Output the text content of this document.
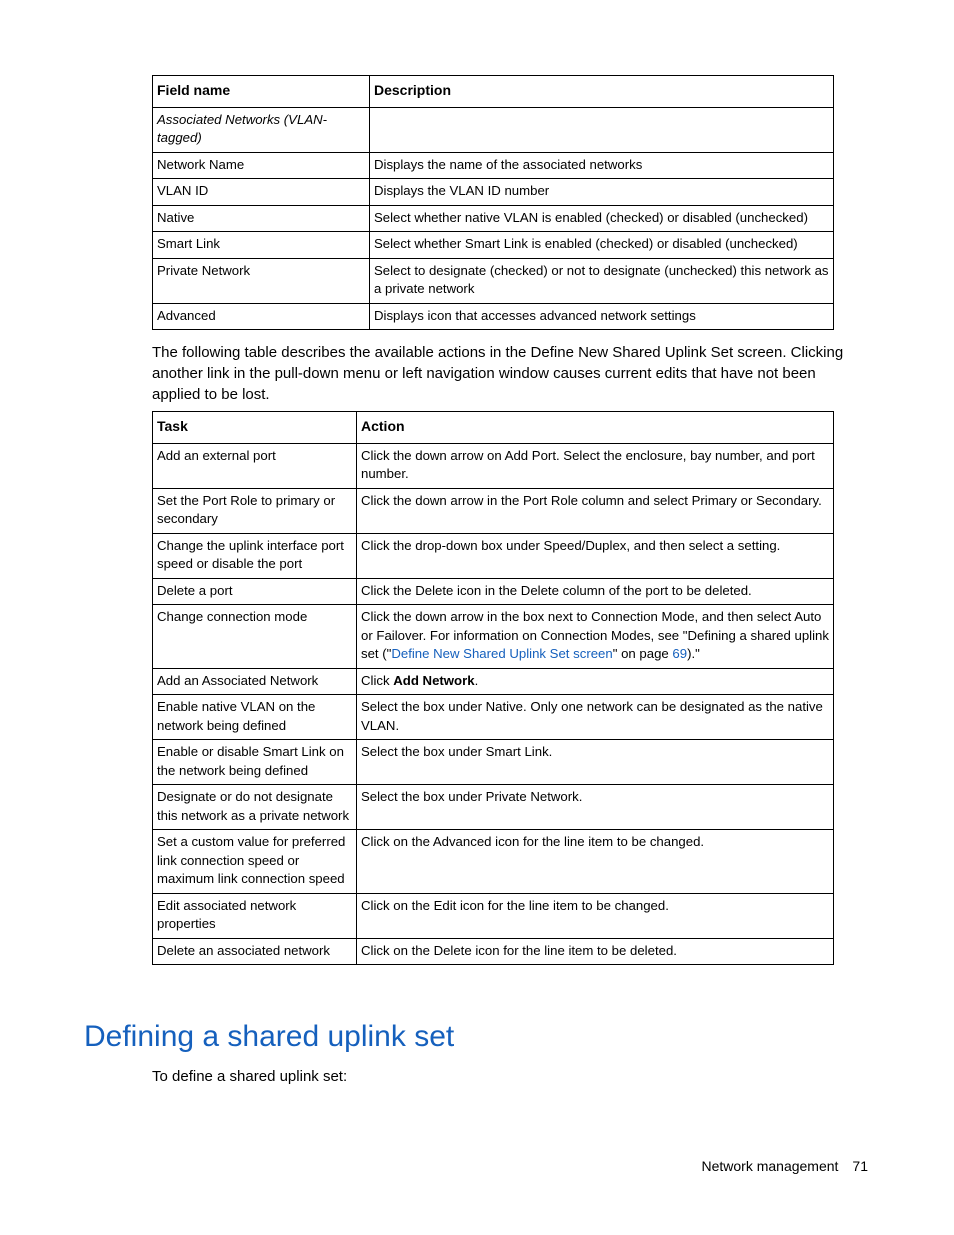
Field name	Description
Associated Networks (VLAN-tagged)	
Network Name	Displays the name of the associated networks
VLAN ID	Displays the VLAN ID number
Native	Select whether native VLAN is enabled (checked) or disabled (unchecked)
Smart Link	Select whether Smart Link is enabled (checked) or disabled (unchecked)
Private Network	Select to designate (checked) or not to designate (unchecked) this network as a private network
Advanced	Displays icon that accesses advanced network settings
The following table describes the available actions in the Define New Shared Uplink Set screen. Clicking another link in the pull-down menu or left navigation window causes current edits that have not been applied to be lost.
Task	Action
Add an external port	Click the down arrow on Add Port. Select the enclosure, bay number, and port number.
Set the Port Role to primary or secondary	Click the down arrow in the Port Role column and select Primary or Secondary.
Change the uplink interface port speed or disable the port	Click the drop-down box under Speed/Duplex, and then select a setting.
Delete a port	Click the Delete icon in the Delete column of the port to be deleted.
Change connection mode	Click the down arrow in the box next to Connection Mode, and then select Auto or Failover. For information on Connection Modes, see "Defining a shared uplink set ("Define New Shared Uplink Set screen" on page 69)."
Add an Associated Network	Click Add Network.
Enable native VLAN on the network being defined	Select the box under Native. Only one network can be designated as the native VLAN.
Enable or disable Smart Link on the network being defined	Select the box under Smart Link.
Designate or do not designate this network as a private network	Select the box under Private Network.
Set a custom value for preferred link connection speed or maximum link connection speed	Click on the Advanced icon for the line item to be changed.
Edit associated network properties	Click on the Edit icon for the line item to be changed.
Delete an associated network	Click on the Delete icon for the line item to be deleted.
Defining a shared uplink set
To define a shared uplink set:
Network management 71
